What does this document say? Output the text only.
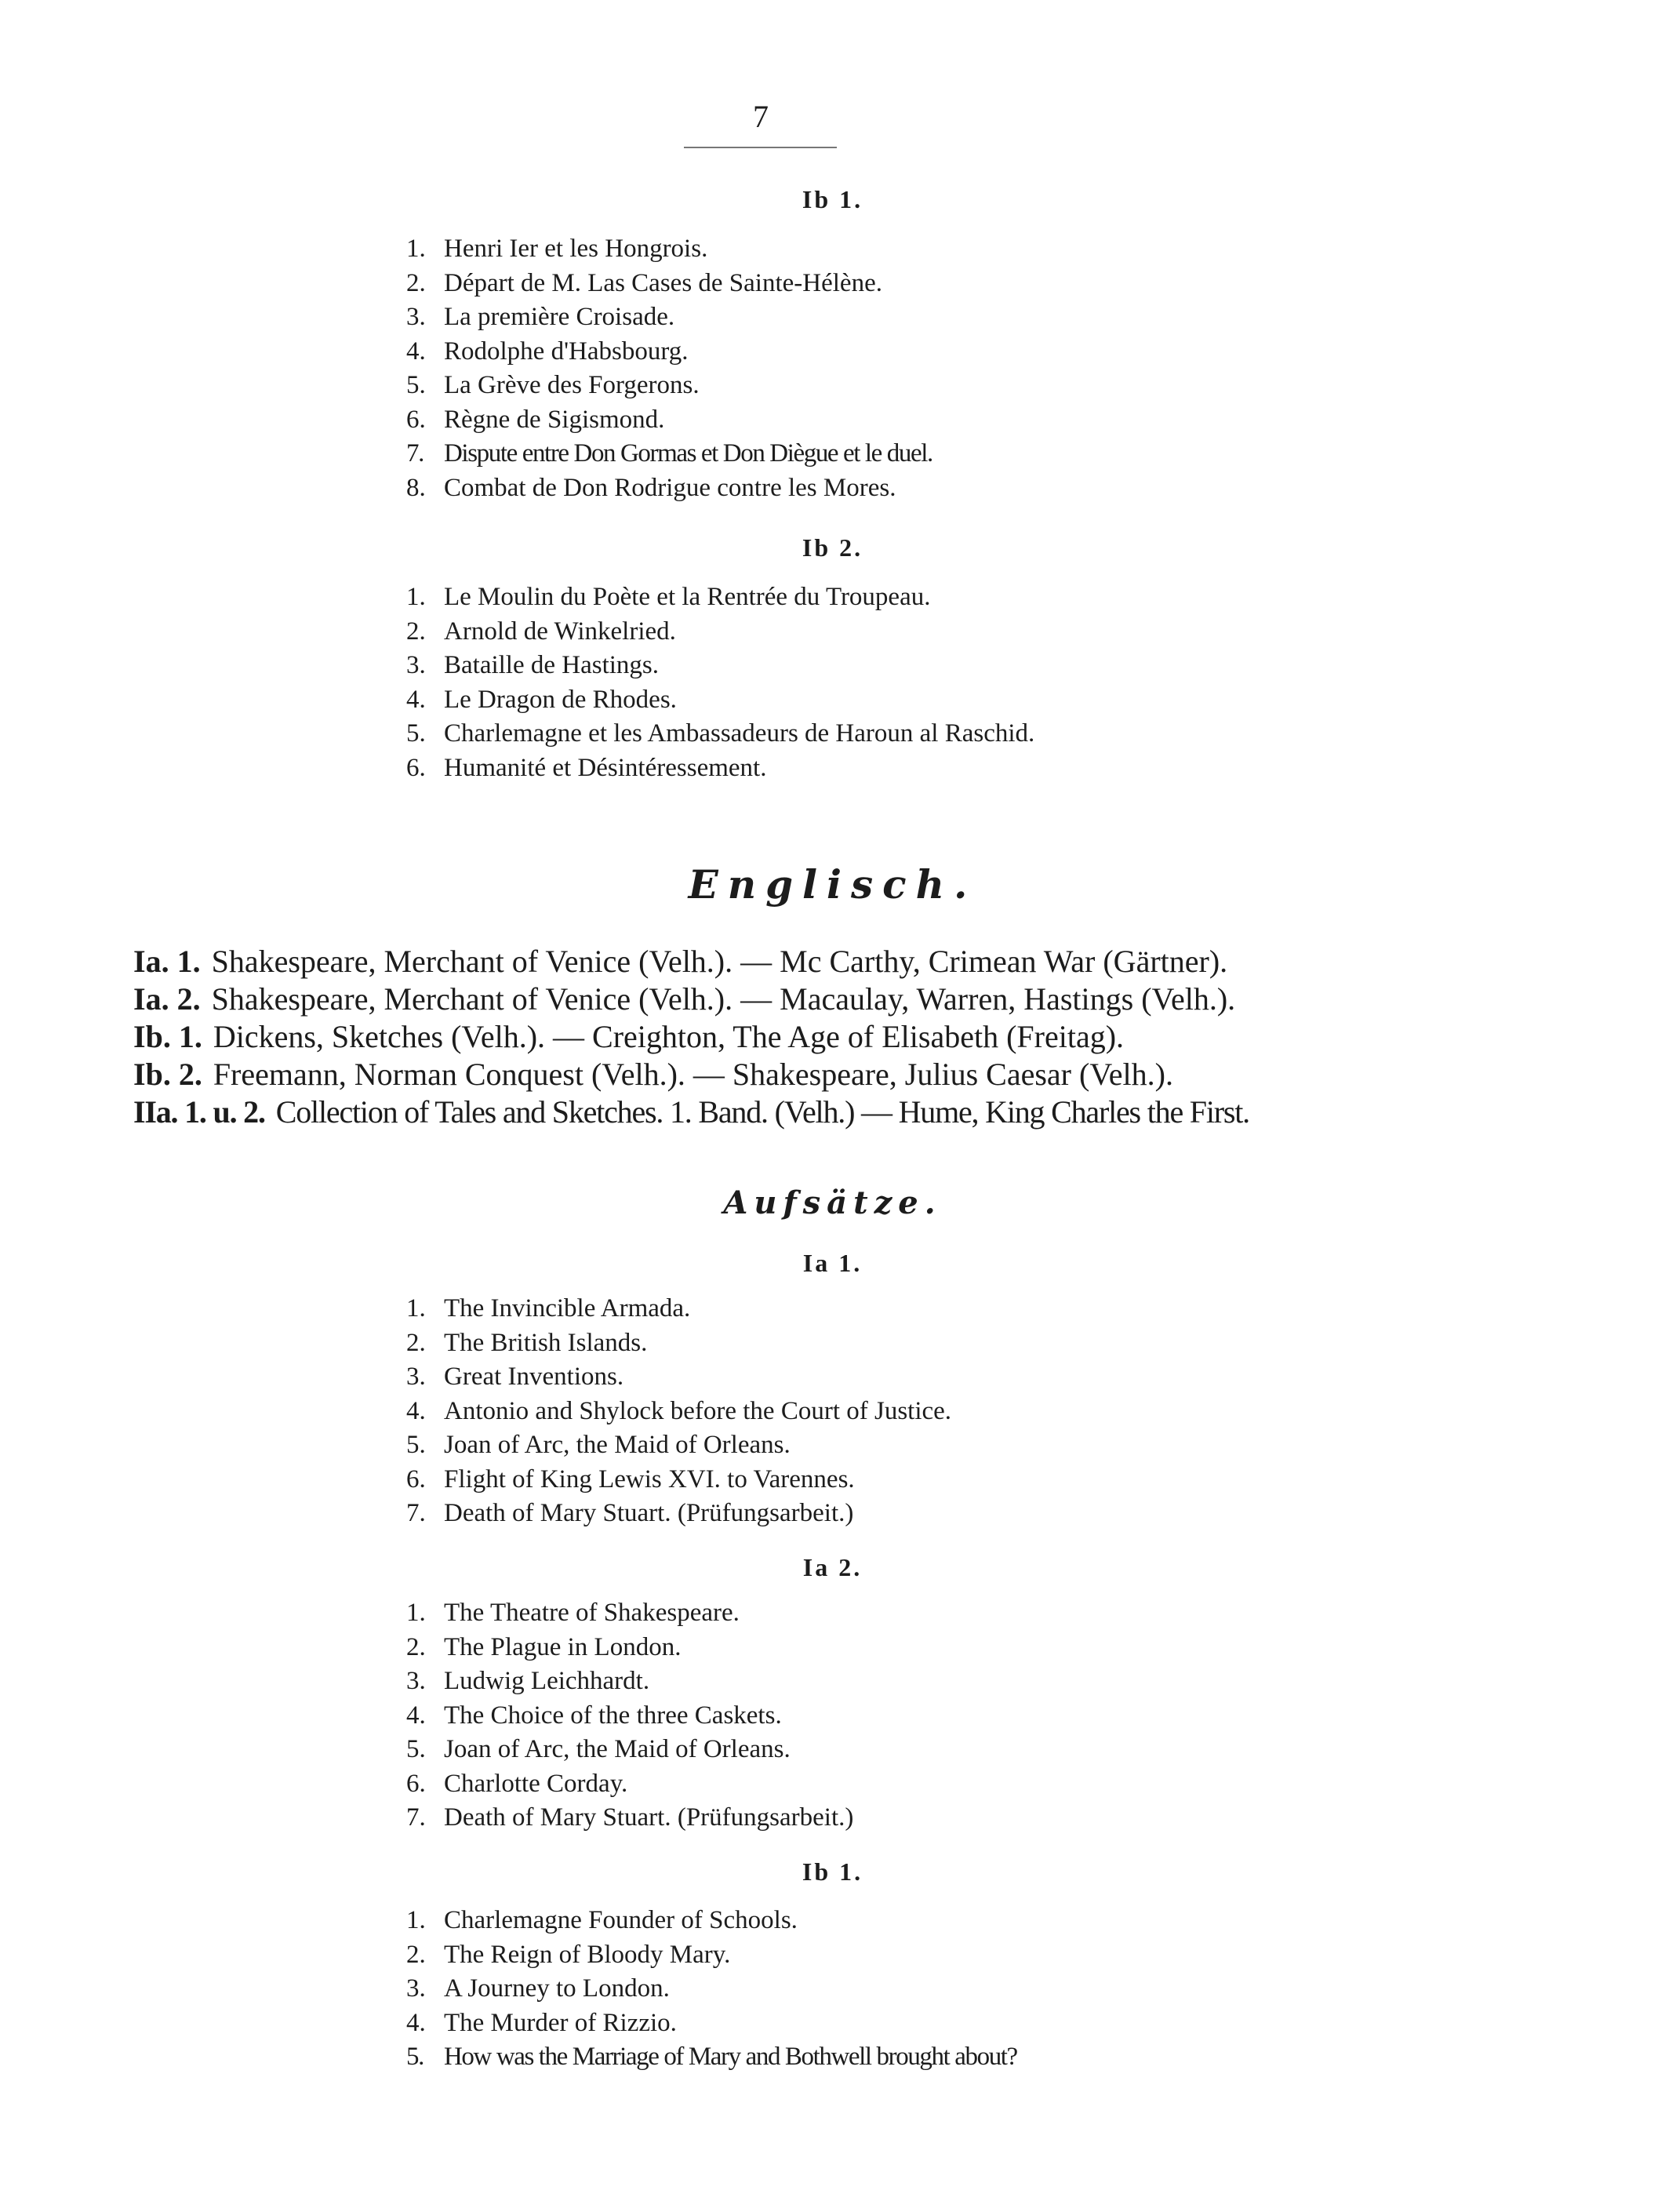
7
Ib 1.
1. Henri Ier et les Hongrois.
2. Départ de M. Las Cases de Sainte-Hélène.
3. La première Croisade.
4. Rodolphe d'Habsbourg.
5. La Grève des Forgerons.
6. Règne de Sigismond.
7. Dispute entre Don Gormas et Don Diègue et le duel.
8. Combat de Don Rodrigue contre les Mores.
Ib 2.
1. Le Moulin du Poète et la Rentrée du Troupeau.
2. Arnold de Winkelried.
3. Bataille de Hastings.
4. Le Dragon de Rhodes.
5. Charlemagne et les Ambassadeurs de Haroun al Raschid.
6. Humanité et Désintéressement.
Englisch.
Ia. 1. Shakespeare, Merchant of Venice (Velh.). — Mc Carthy, Crimean War (Gärtner).
Ia. 2. Shakespeare, Merchant of Venice (Velh.). — Macaulay, Warren, Hastings (Velh.).
Ib. 1. Dickens, Sketches (Velh.). — Creighton, The Age of Elisabeth (Freitag).
Ib. 2. Freemann, Norman Conquest (Velh.). — Shakespeare, Julius Caesar (Velh.).
IIa. 1. u. 2. Collection of Tales and Sketches. 1. Band. (Velh.) — Hume, King Charles the First.
Aufsätze.
Ia 1.
1. The Invincible Armada.
2. The British Islands.
3. Great Inventions.
4. Antonio and Shylock before the Court of Justice.
5. Joan of Arc, the Maid of Orleans.
6. Flight of King Lewis XVI. to Varennes.
7. Death of Mary Stuart. (Prüfungsarbeit.)
Ia 2.
1. The Theatre of Shakespeare.
2. The Plague in London.
3. Ludwig Leichhardt.
4. The Choice of the three Caskets.
5. Joan of Arc, the Maid of Orleans.
6. Charlotte Corday.
7. Death of Mary Stuart. (Prüfungsarbeit.)
Ib 1.
1. Charlemagne Founder of Schools.
2. The Reign of Bloody Mary.
3. A Journey to London.
4. The Murder of Rizzio.
5. How was the Marriage of Mary and Bothwell brought about?
